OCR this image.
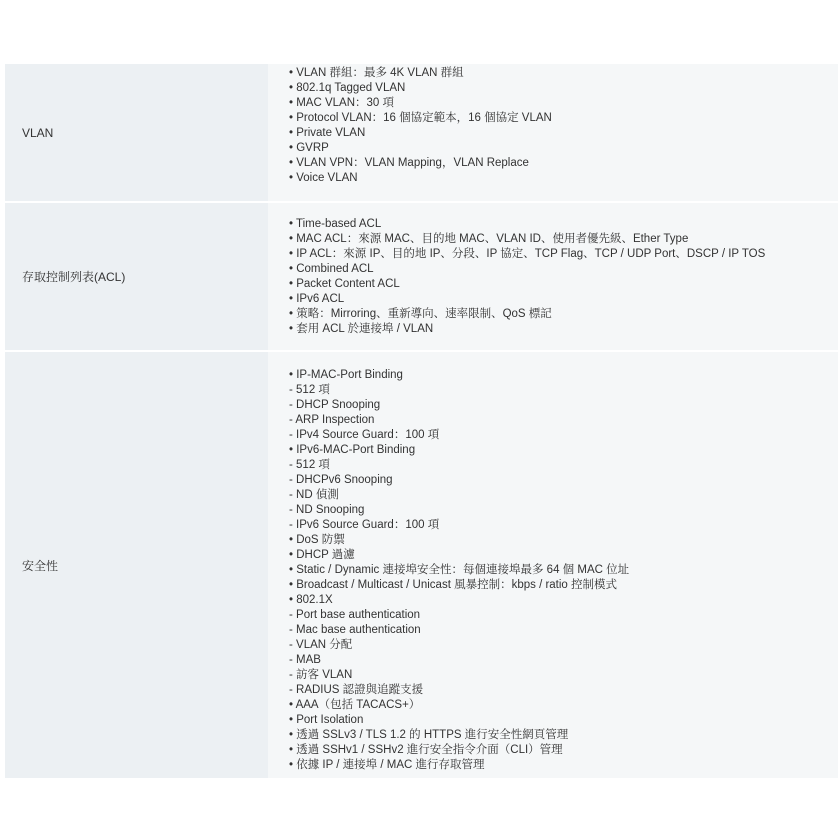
VLAN
• VLAN 群組：最多 4K VLAN 群組
• 802.1q Tagged VLAN
• MAC VLAN：30 項
• Protocol VLAN：16 個協定範本，16 個協定 VLAN
• Private VLAN
• GVRP
• VLAN VPN：VLAN Mapping，VLAN Replace
• Voice VLAN
存取控制列表(ACL)
• Time-based ACL
• MAC ACL：來源 MAC、目的地 MAC、VLAN ID、使用者優先級、Ether Type
• IP ACL：來源 IP、目的地 IP、分段、IP 協定、TCP Flag、TCP / UDP Port、DSCP / IP TOS
• Combined ACL
• Packet Content ACL
• IPv6 ACL
• 策略：Mirroring、重新導向、速率限制、QoS 標記
• 套用 ACL 於連接埠 / VLAN
安全性
• IP-MAC-Port Binding
- 512 項
- DHCP Snooping
- ARP Inspection
- IPv4 Source Guard：100 項
• IPv6-MAC-Port Binding
- 512 項
- DHCPv6 Snooping
- ND 偵測
- ND Snooping
- IPv6 Source Guard：100 項
• DoS 防禦
• DHCP 過濾
• Static / Dynamic 連接埠安全性：每個連接埠最多 64 個 MAC 位址
• Broadcast / Multicast / Unicast 風暴控制：kbps / ratio 控制模式
• 802.1X
- Port base authentication
- Mac base authentication
- VLAN 分配
- MAB
- 訪客 VLAN
- RADIUS 認證與追蹤支援
• AAA（包括 TACACS+）
• Port Isolation
• 透過 SSLv3 / TLS 1.2 的 HTTPS 進行安全性網頁管理
• 透過 SSHv1 / SSHv2 進行安全指令介面（CLI）管理
• 依據 IP / 連接埠 / MAC 進行存取管理
